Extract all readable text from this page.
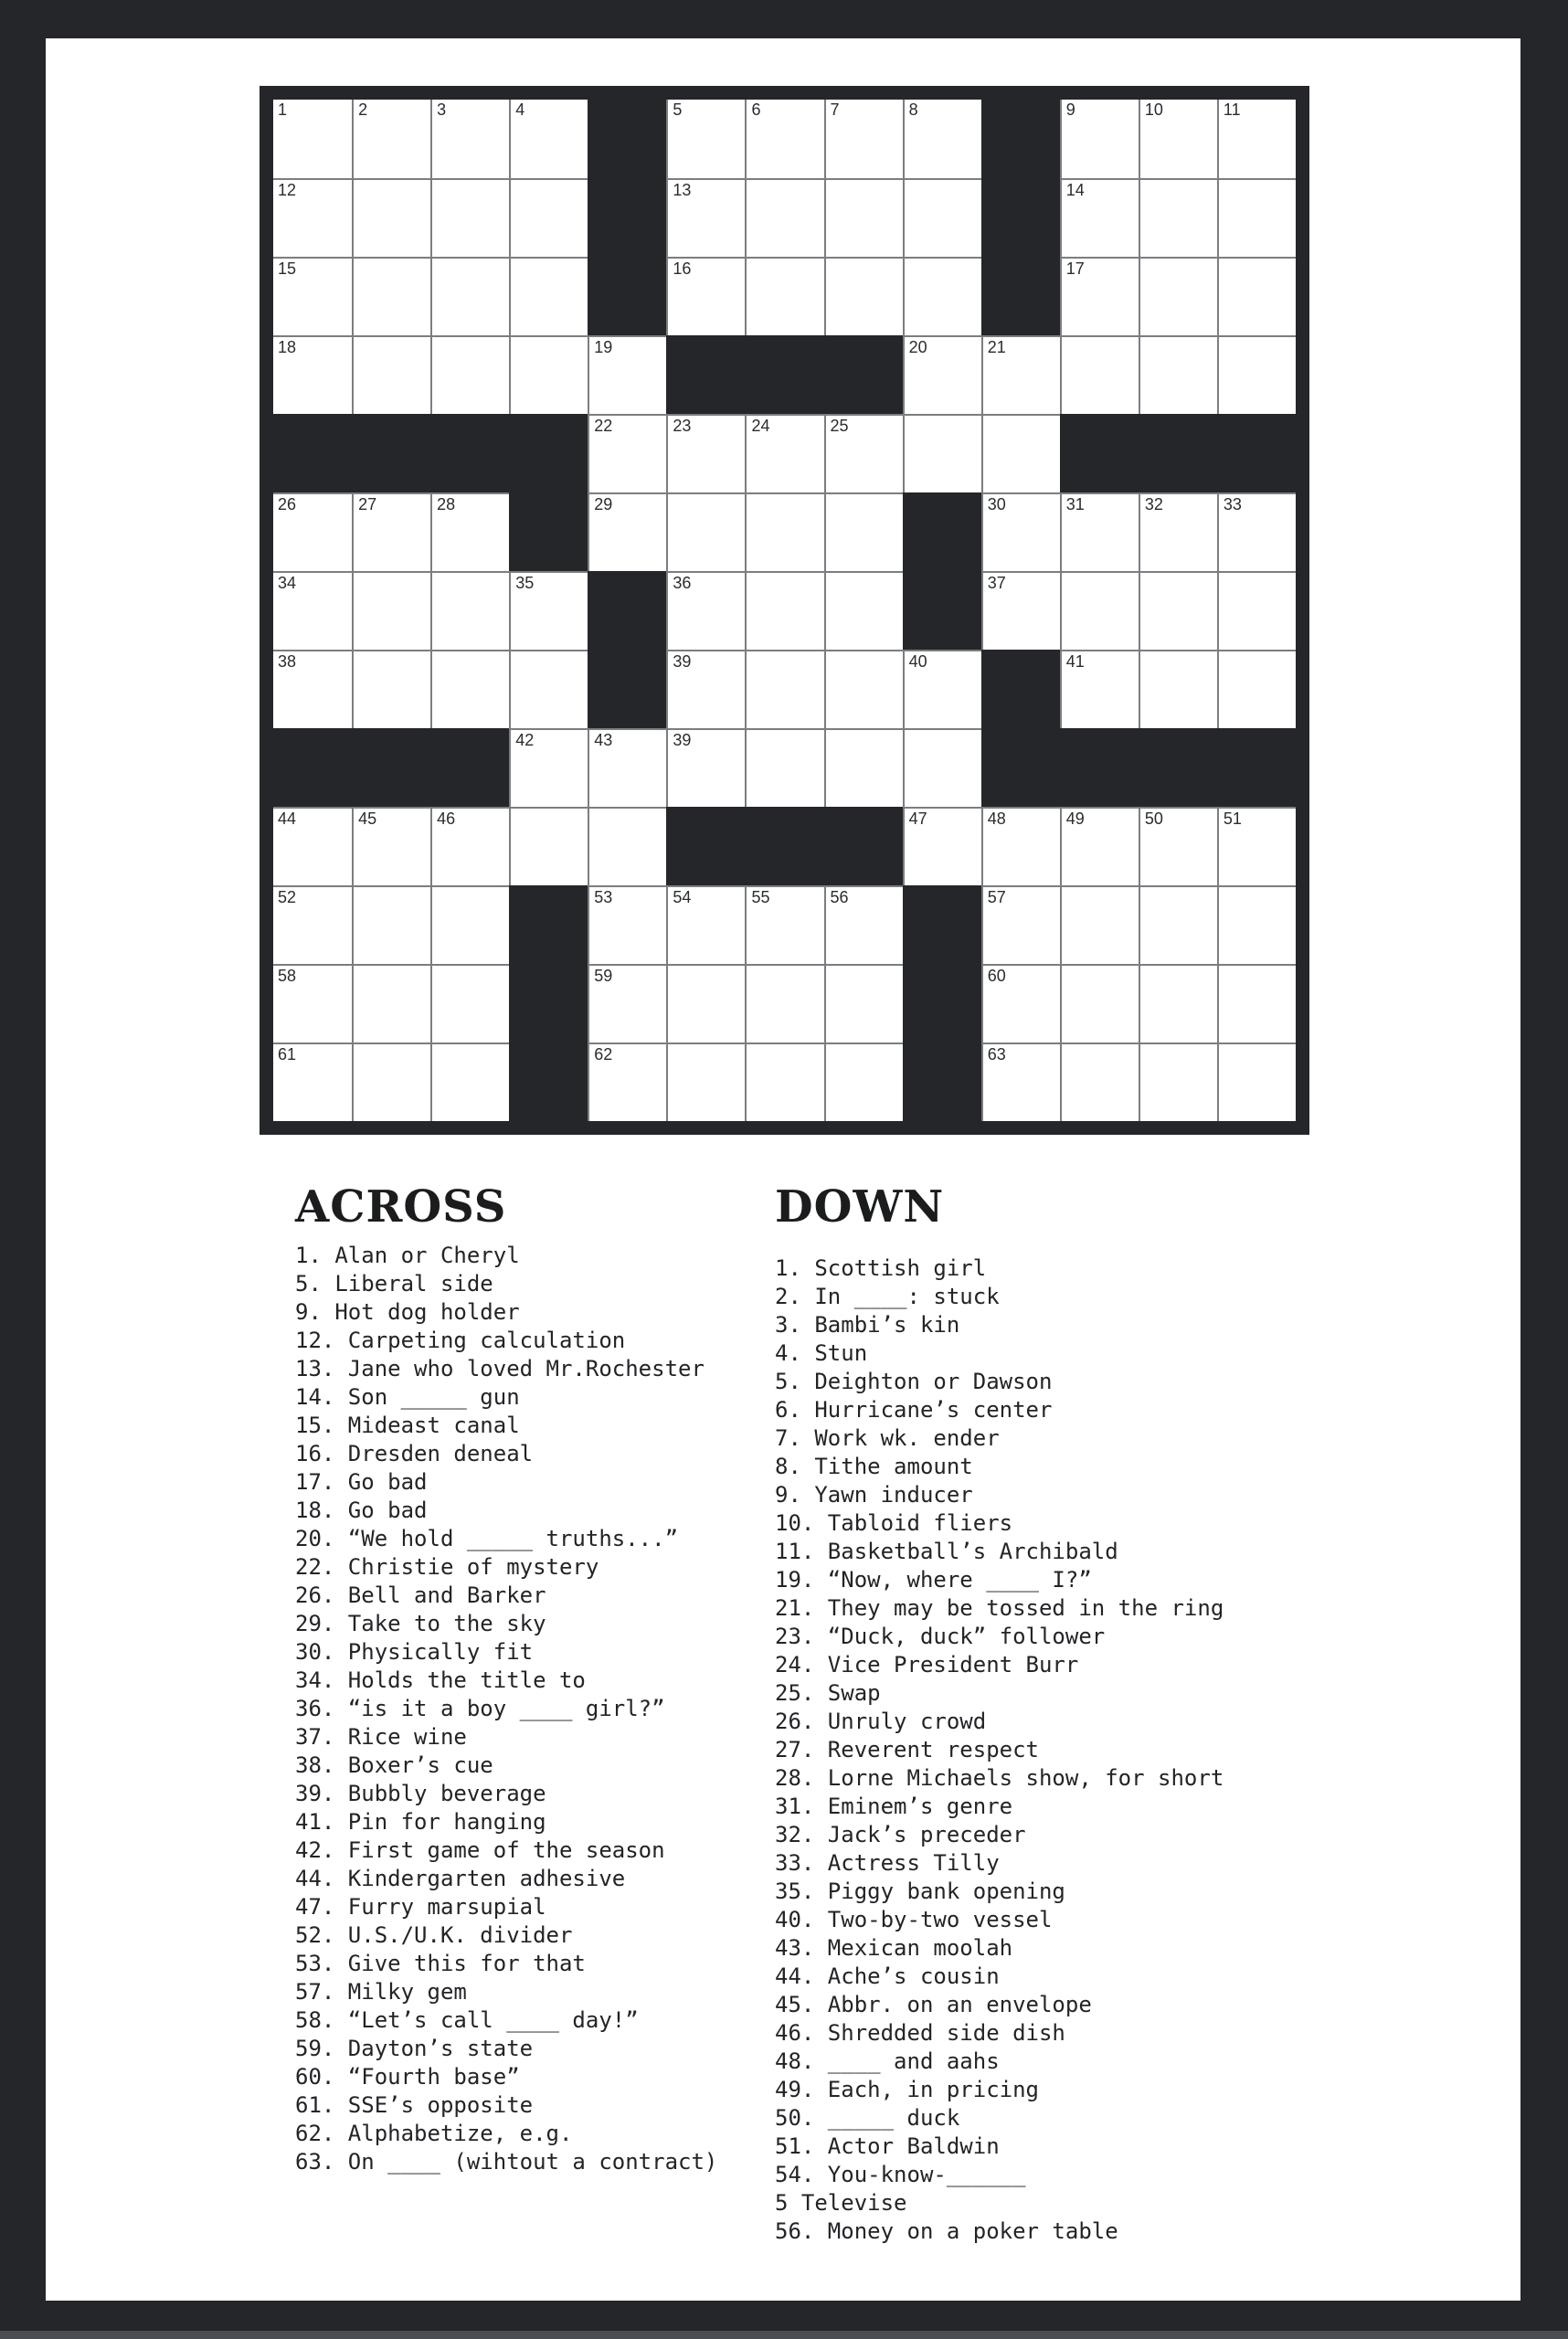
1	2	3	4	5	6	7	8	9	10	11
12	13	14
15	16	17
18	19	20	21
22	23	24	25
26	27	28	29	30	31	32	33
34	35	36	37
38	39	40	41
42	43	39
44	45	46	47	48	49	50	51
52	53	54	55	56	57
58	59	60
61	62	63
ACROSS
1. Alan or Cheryl
5. Liberal side
9. Hot dog holder
12. Carpeting calculation
13. Jane who loved Mr.Rochester
14. Son _____ gun
15. Mideast canal
16. Dresden deneal
17. Go bad
18. Go bad
20. “We hold _____ truths...”
22. Christie of mystery
26. Bell and Barker
29. Take to the sky
30. Physically fit
34. Holds the title to
36. “is it a boy ____ girl?”
37. Rice wine
38. Boxer’s cue
39. Bubbly beverage
41. Pin for hanging
42. First game of the season
44. Kindergarten adhesive
47. Furry marsupial
52. U.S./U.K. divider
53. Give this for that
57. Milky gem
58. “Let’s call ____ day!”
59. Dayton’s state
60. “Fourth base”
61. SSE’s opposite
62. Alphabetize, e.g.
63. On ____ (wihtout a contract)
DOWN
1. Scottish girl
2. In ____: stuck
3. Bambi’s kin
4. Stun
5. Deighton or Dawson
6. Hurricane’s center
7. Work wk. ender
8. Tithe amount
9. Yawn inducer
10. Tabloid fliers
11. Basketball’s Archibald
19. “Now, where ____ I?”
21. They may be tossed in the ring
23. “Duck, duck” follower
24. Vice President Burr
25. Swap
26. Unruly crowd
27. Reverent respect
28. Lorne Michaels show, for short
31. Eminem’s genre
32. Jack’s preceder
33. Actress Tilly
35. Piggy bank opening
40. Two-by-two vessel
43. Mexican moolah
44. Ache’s cousin
45. Abbr. on an envelope
46. Shredded side dish
48. ____ and aahs
49. Each, in pricing
50. _____ duck
51. Actor Baldwin
54. You-know-______
5 Televise
56. Money on a poker table
